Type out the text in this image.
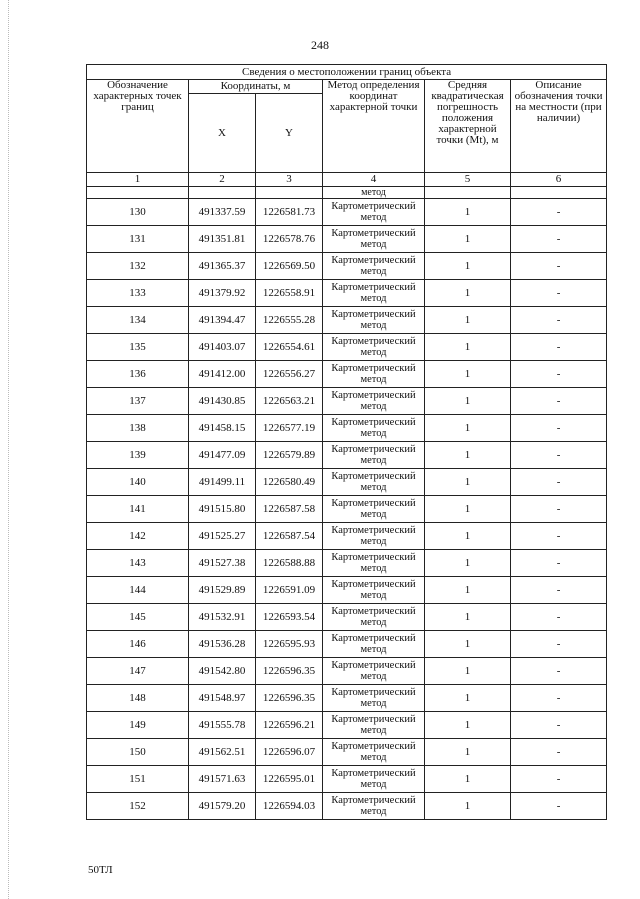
248
Сведения о местоположении границ объекта					
Обозначение характерных точек границ	Координаты, м		Метод определения координат характерной точки	Средняя квадратическая погрешность положения характерной точки (Mt), м	Описание обозначения точки на местности (при наличии)
	X	Y			
1	2	3	4	5	6
			метод		
130	491337.59	1226581.73	Картометрический метод	1	-
131	491351.81	1226578.76	Картометрический метод	1	-
132	491365.37	1226569.50	Картометрический метод	1	-
133	491379.92	1226558.91	Картометрический метод	1	-
134	491394.47	1226555.28	Картометрический метод	1	-
135	491403.07	1226554.61	Картометрический метод	1	-
136	491412.00	1226556.27	Картометрический метод	1	-
137	491430.85	1226563.21	Картометрический метод	1	-
138	491458.15	1226577.19	Картометрический метод	1	-
139	491477.09	1226579.89	Картометрический метод	1	-
140	491499.11	1226580.49	Картометрический метод	1	-
141	491515.80	1226587.58	Картометрический метод	1	-
142	491525.27	1226587.54	Картометрический метод	1	-
143	491527.38	1226588.88	Картометрический метод	1	-
144	491529.89	1226591.09	Картометрический метод	1	-
145	491532.91	1226593.54	Картометрический метод	1	-
146	491536.28	1226595.93	Картометрический метод	1	-
147	491542.80	1226596.35	Картометрический метод	1	-
148	491548.97	1226596.35	Картометрический метод	1	-
149	491555.78	1226596.21	Картометрический метод	1	-
150	491562.51	1226596.07	Картометрический метод	1	-
151	491571.63	1226595.01	Картометрический метод	1	-
152	491579.20	1226594.03	Картометрический метод	1	-
50ТЛ
